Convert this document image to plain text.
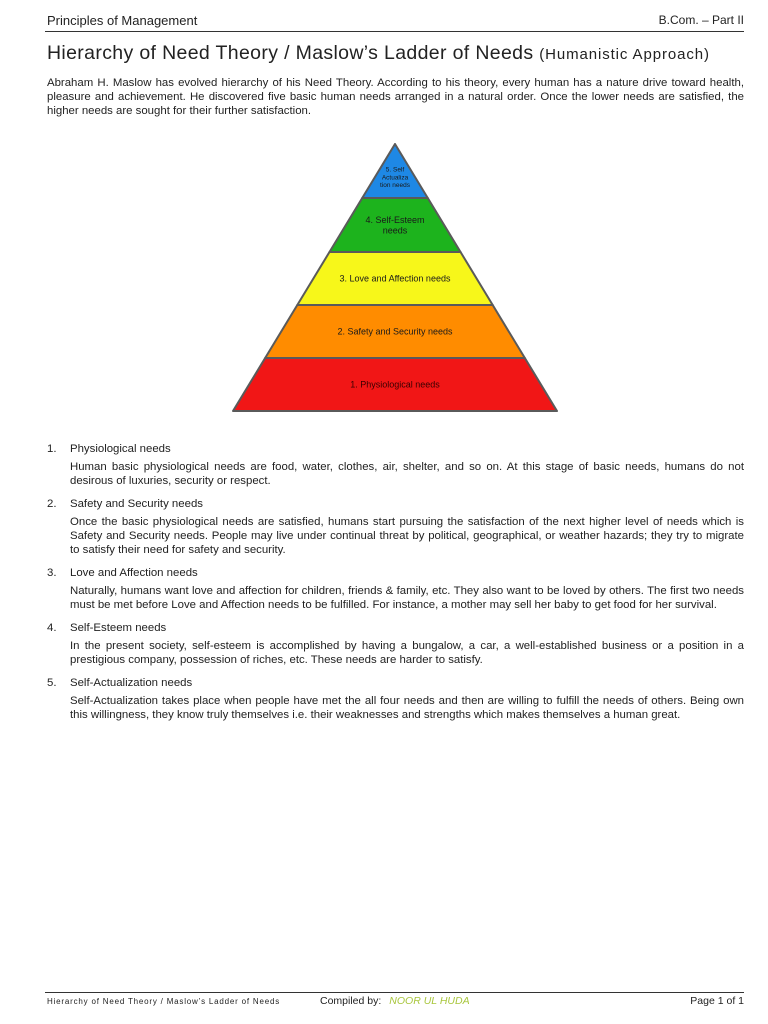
Principles of Management	B.Com. – Part II
Hierarchy of Need Theory / Maslow’s Ladder of Needs (Humanistic Approach)

Abraham H. Maslow has evolved hierarchy of his Need Theory. According to his theory, every human has a nature drive toward health, pleasure and achievement. He discovered five basic human needs arranged in a natural order. Once the lower needs are satisfied, the higher needs are sought for their further satisfaction.

5. Self Actualiza tion needs
4. Self-Esteem needs
3. Love and Affection needs
2. Safety and Security needs
1. Physiological needs
1.	Physiological needs

Human basic physiological needs are food, water, clothes, air, shelter, and so on. At this stage of basic needs, humans do not desirous of luxuries, security or respect.

2.	Safety and Security needs

Once the basic physiological needs are satisfied, humans start pursuing the satisfaction of the next higher level of needs which is Safety and Security needs. People may live under continual threat by political, geographical, or weather hazards; they try to migrate to satisfy their need for safety and security.

3.	Love and Affection needs

Naturally, humans want love and affection for children, friends & family, etc. They also want to be loved by others. The first two needs must be met before Love and Affection needs to be fulfilled. For instance, a mother may sell her baby to get food for her survival.

4.	Self-Esteem needs

In the present society, self-esteem is accomplished by having a bungalow, a car, a well-established business or a position in a prestigious company, possession of riches, etc. These needs are harder to satisfy.

5.	Self-Actualization needs

Self-Actualization takes place when people have met the all four needs and then are willing to fulfill the needs of others. Being own this willingness, they know truly themselves i.e. their weaknesses and strengths which makes themselves a human great.

Hierarchy of Need Theory / Maslow’s Ladder of Needs	Compiled by: NOOR UL HUDA	Page 1 of 1
